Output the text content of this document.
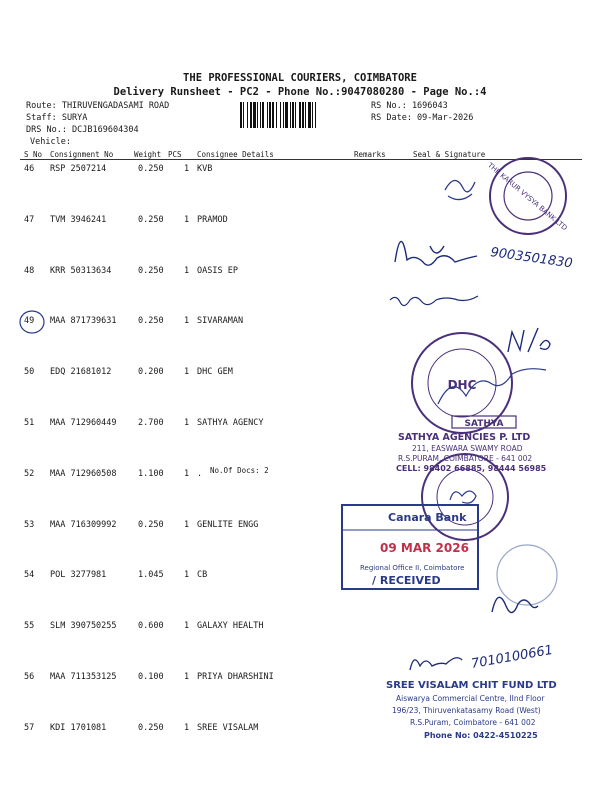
THE PROFESSIONAL COURIERS, COIMBATORE
Delivery Runsheet - PC2 - Phone No.:9047080280 - Page No.:4
Route: THIRUVENGADASAMI ROAD
Staff: SURYA
DRS No.: DCJB169604304
Vehicle:
RS No.: 1696043
RS Date: 09-Mar-2026
S No Consignment No	Weight PCS Consignee Details	Remarks	Seal & Signature
46 RSP 2507214	0.250 1 KVB
47 TVM 3946241	0.250 1 PRAMOD
48 KRR 50313634	0.250 1 OASIS EP
49 MAA 871739631	0.250 1 SIVARAMAN
50 EDQ 21681012	0.200 1 DHC GEM
51 MAA 712960449	2.700 1 SATHYA AGENCY
52 MAA 712960508	1.100 1 .
53 MAA 716309992	0.250 1 GENLITE ENGG
54 POL 3277981	1.045 1 CB
55 SLM 390750255	0.600 1 GALAXY HEALTH
56 MAA 711353125	0.100 1 PRIYA DHARSHINI
57 KDI 1701081	0.250 1 SREE VISALAM
No.Of Docs: 2
THE KARUR VYSYA BANK LTD
9003501830
DHC
SATHYA
SATHYA AGENCIES P. LTD
211, EASWARA SWAMY ROAD
R.S.PURAM, COIMBATORE - 641 002
CELL: 98402 66885, 98444 56985
Canara Bank
09 MAR 2026
Regional Office II, Coimbatore
/ RECEIVED
7010100661
SREE VISALAM CHIT FUND LTD
Aiswarya Commercial Centre, IInd Floor
196/23, Thiruvenkatasamy Road (West)
R.S.Puram, Coimbatore - 641 002
Phone No: 0422-4510225
